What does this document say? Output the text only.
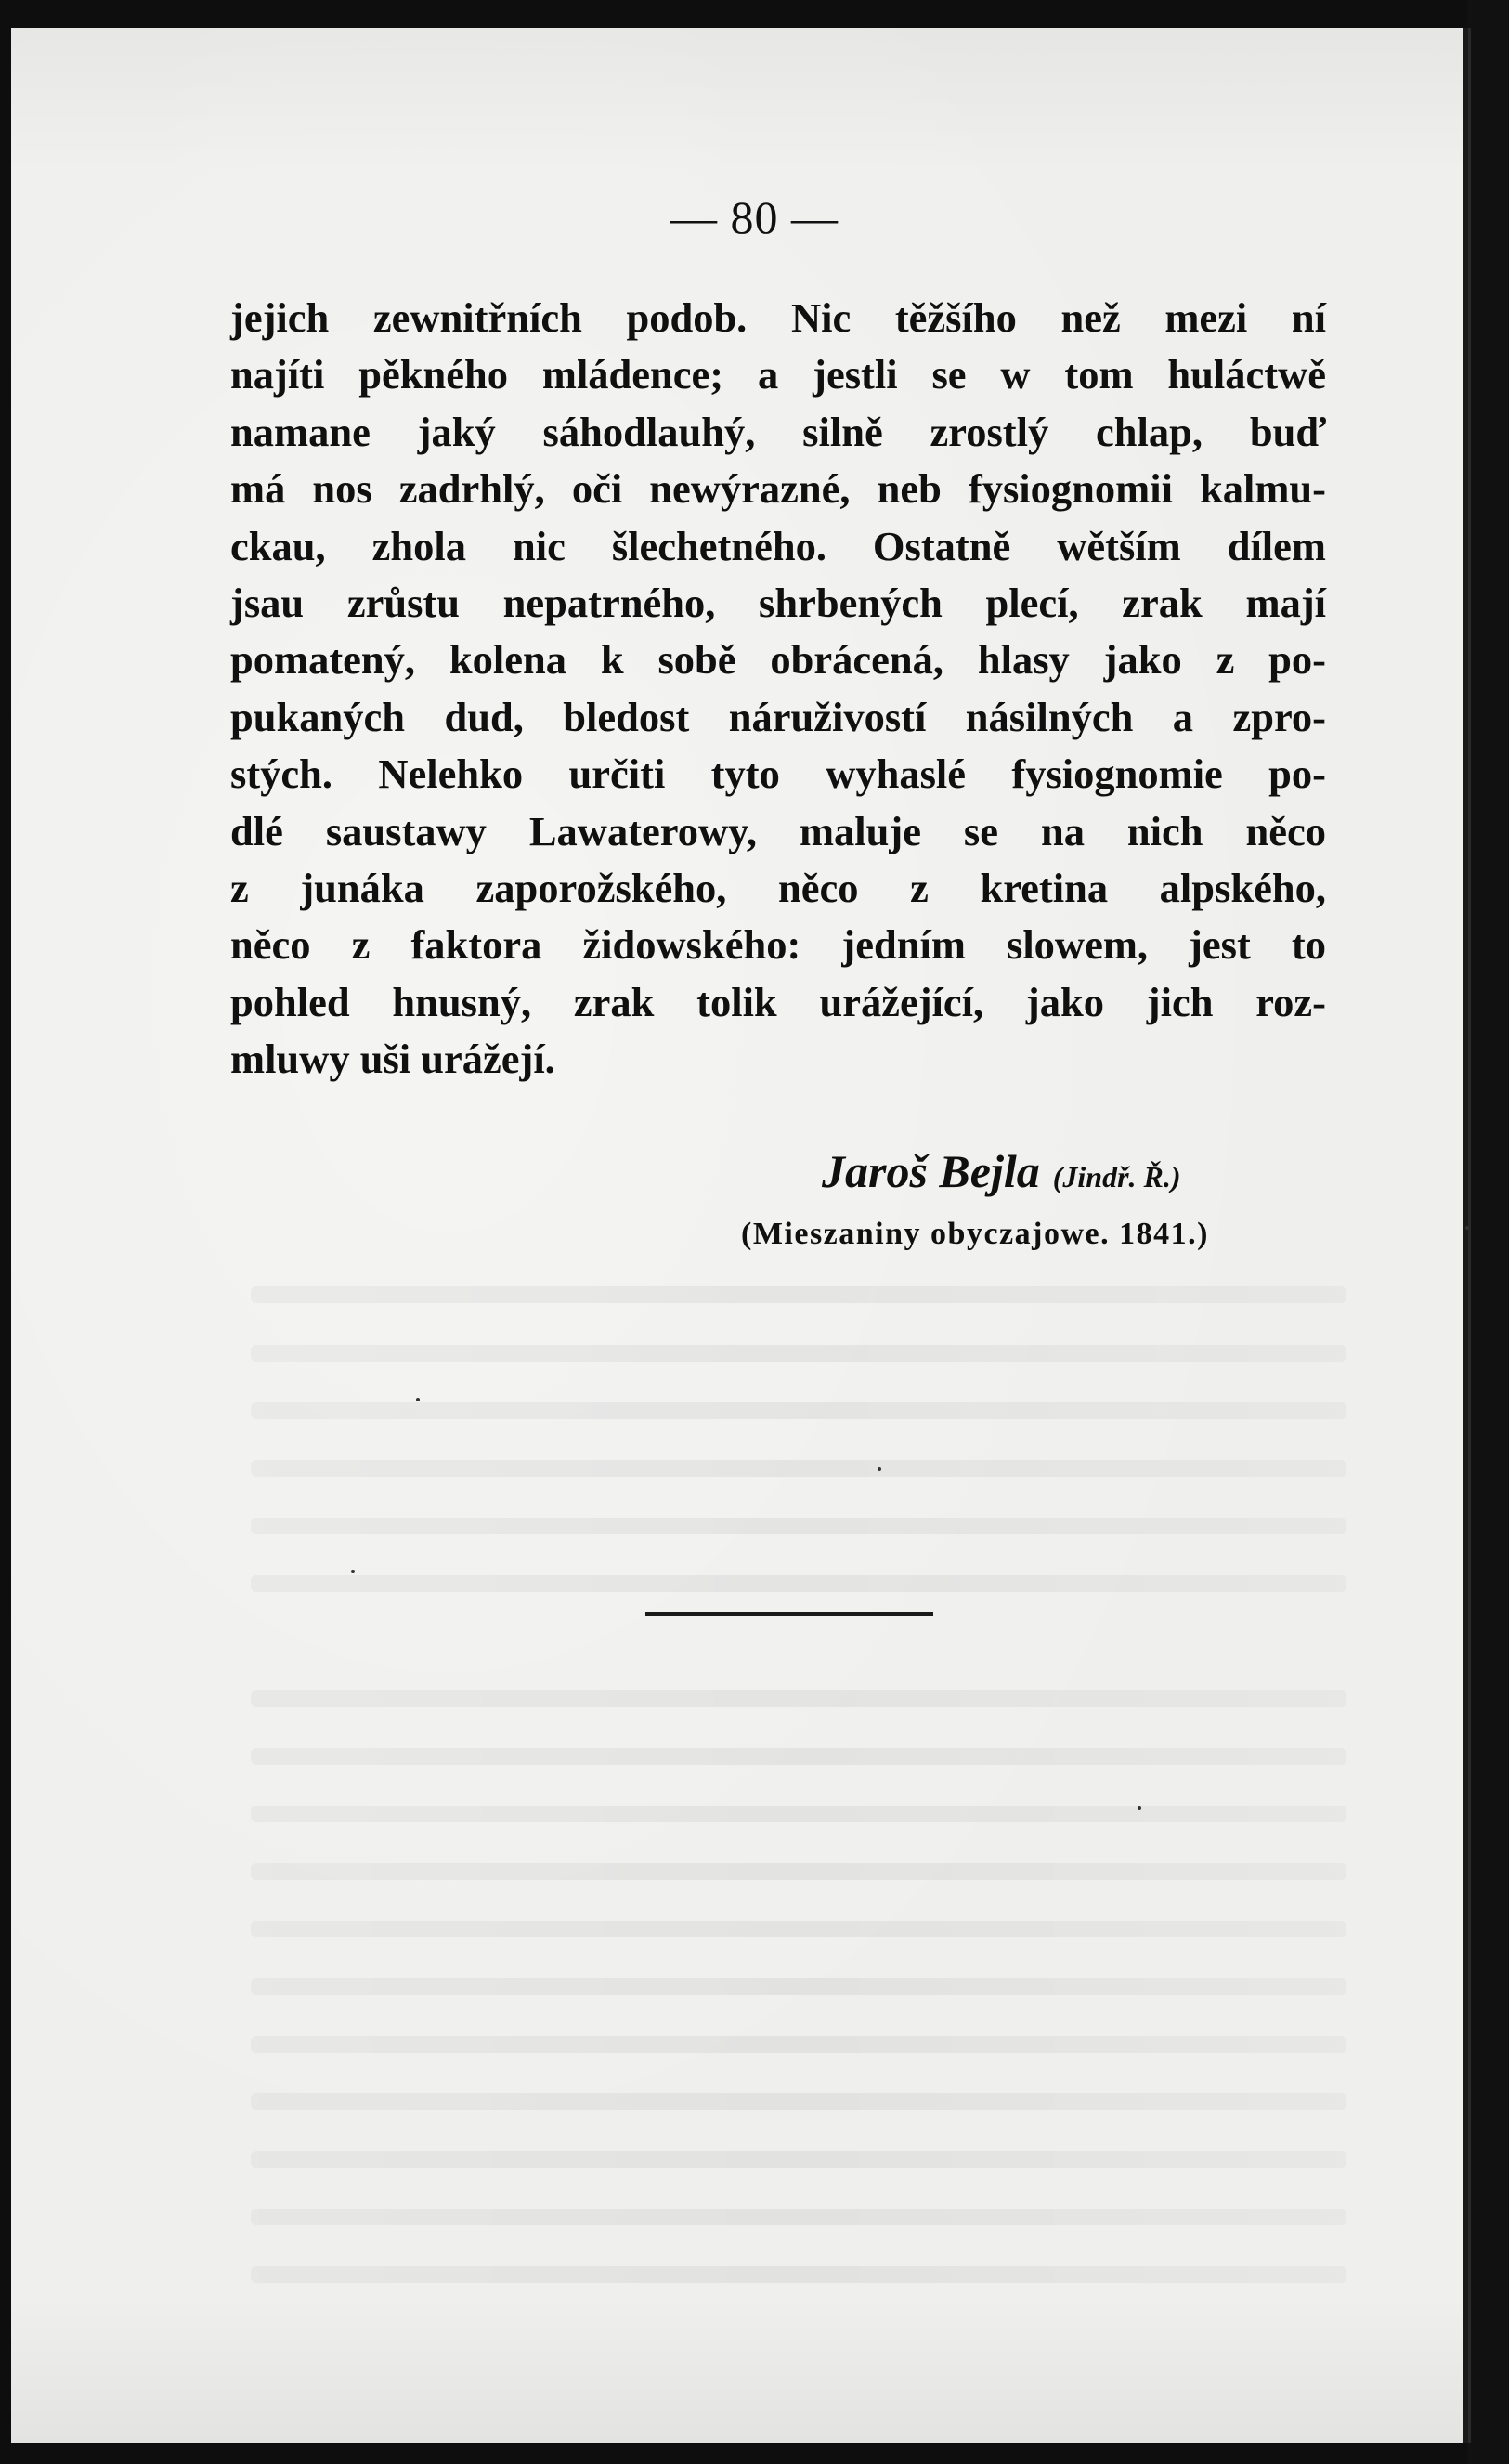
— 80 —
jejich zewnitřních podob. Nic těžšího než mezi ní
najíti pěkného mládence; a jestli se w tom huláctwě
namane jaký sáhodlauhý, silně zrostlý chlap, buď
má nos zadrhlý, oči newýrazné, neb fysiognomii kalmu-
ckau, zhola nic šlechetného. Ostatně wětším dílem
jsau zrůstu nepatrného, shrbených plecí, zrak mají
pomatený, kolena k sobě obrácená, hlasy jako z po-
pukaných dud, bledost náruživostí násilných a zpro-
stých. Nelehko určiti tyto wyhaslé fysiognomie po-
dlé saustawy Lawaterowy, maluje se na nich něco
z junáka zaporožského, něco z kretina alpského,
něco z faktora židowského: jedním slowem, jest to
pohled hnusný, zrak tolik urážející, jako jich roz-
mluwy uši urážejí.
Jaroš Bejla (Jindř. Ř.)
(Mieszaniny obyczajowe. 1841.)
